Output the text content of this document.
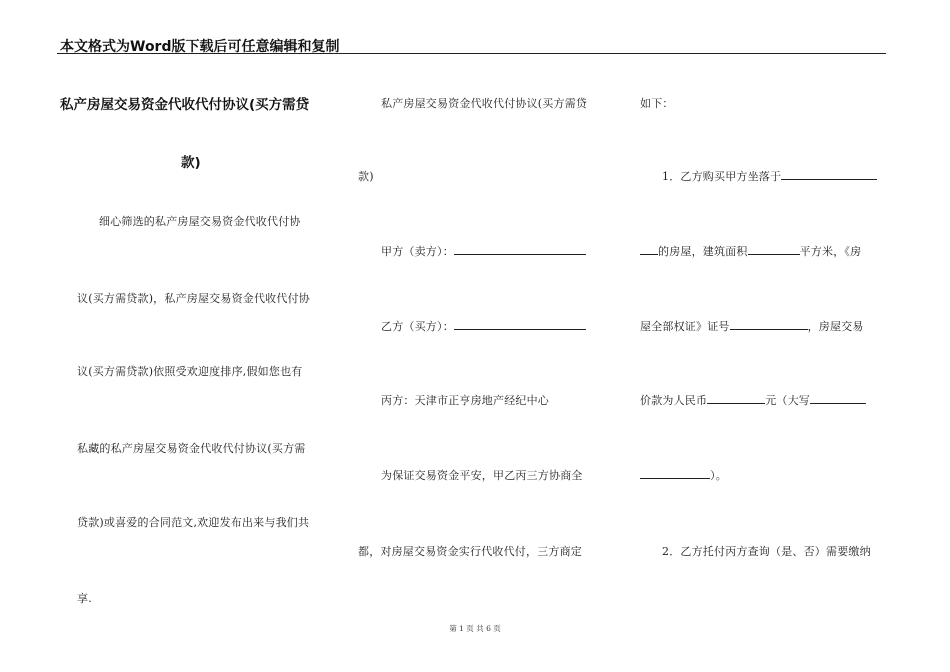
本文格式为Word版下载后可任意编辑和复制
私产房屋交易资金代收代付协议(买方需贷
款)
细心筛选的私产房屋交易资金代收代付协
议(买方需贷款)，私产房屋交易资金代收代付协
议(买方需贷款)依照受欢迎度排序,假如您也有
私藏的私产房屋交易资金代收代付协议(买方需
贷款)或喜爱的合同范文,欢迎发布出来与我们共
享.
私产房屋交易资金代收代付协议(买方需贷
款)
甲方（卖方）：
乙方（买方）：
丙方：天津市正亨房地产经纪中心
为保证交易资金平安，甲乙丙三方协商全
都，对房屋交易资金实行代收代付，三方商定
如下：
1．乙方购买甲方坐落于
的房屋，建筑面积	平方米，《房
屋全部权证》证号	，房屋交易
价款为人民币	元（大写
）。
2．乙方托付丙方查询（是、否）需要缴纳
第 1 页 共 6 页
